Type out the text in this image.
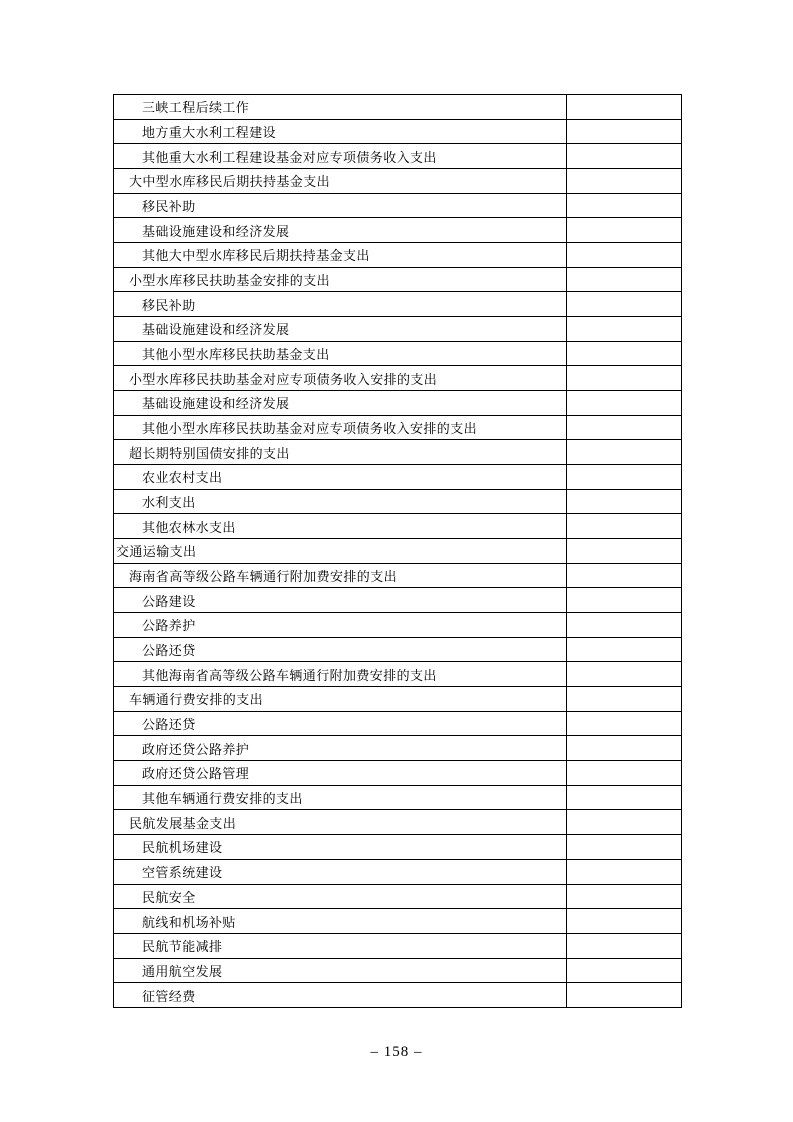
三峡工程后续工作	
地方重大水利工程建设	
其他重大水利工程建设基金对应专项债务收入支出	
大中型水库移民后期扶持基金支出	
移民补助	
基础设施建设和经济发展	
其他大中型水库移民后期扶持基金支出	
小型水库移民扶助基金安排的支出	
移民补助	
基础设施建设和经济发展	
其他小型水库移民扶助基金支出	
小型水库移民扶助基金对应专项债务收入安排的支出	
基础设施建设和经济发展	
其他小型水库移民扶助基金对应专项债务收入安排的支出	
超长期特别国债安排的支出	
农业农村支出	
水利支出	
其他农林水支出	
交通运输支出	
海南省高等级公路车辆通行附加费安排的支出	
公路建设	
公路养护	
公路还贷	
其他海南省高等级公路车辆通行附加费安排的支出	
车辆通行费安排的支出	
公路还贷	
政府还贷公路养护	
政府还贷公路管理	
其他车辆通行费安排的支出	
民航发展基金支出	
民航机场建设	
空管系统建设	
民航安全	
航线和机场补贴	
民航节能减排	
通用航空发展	
征管经费	
– 158 –
